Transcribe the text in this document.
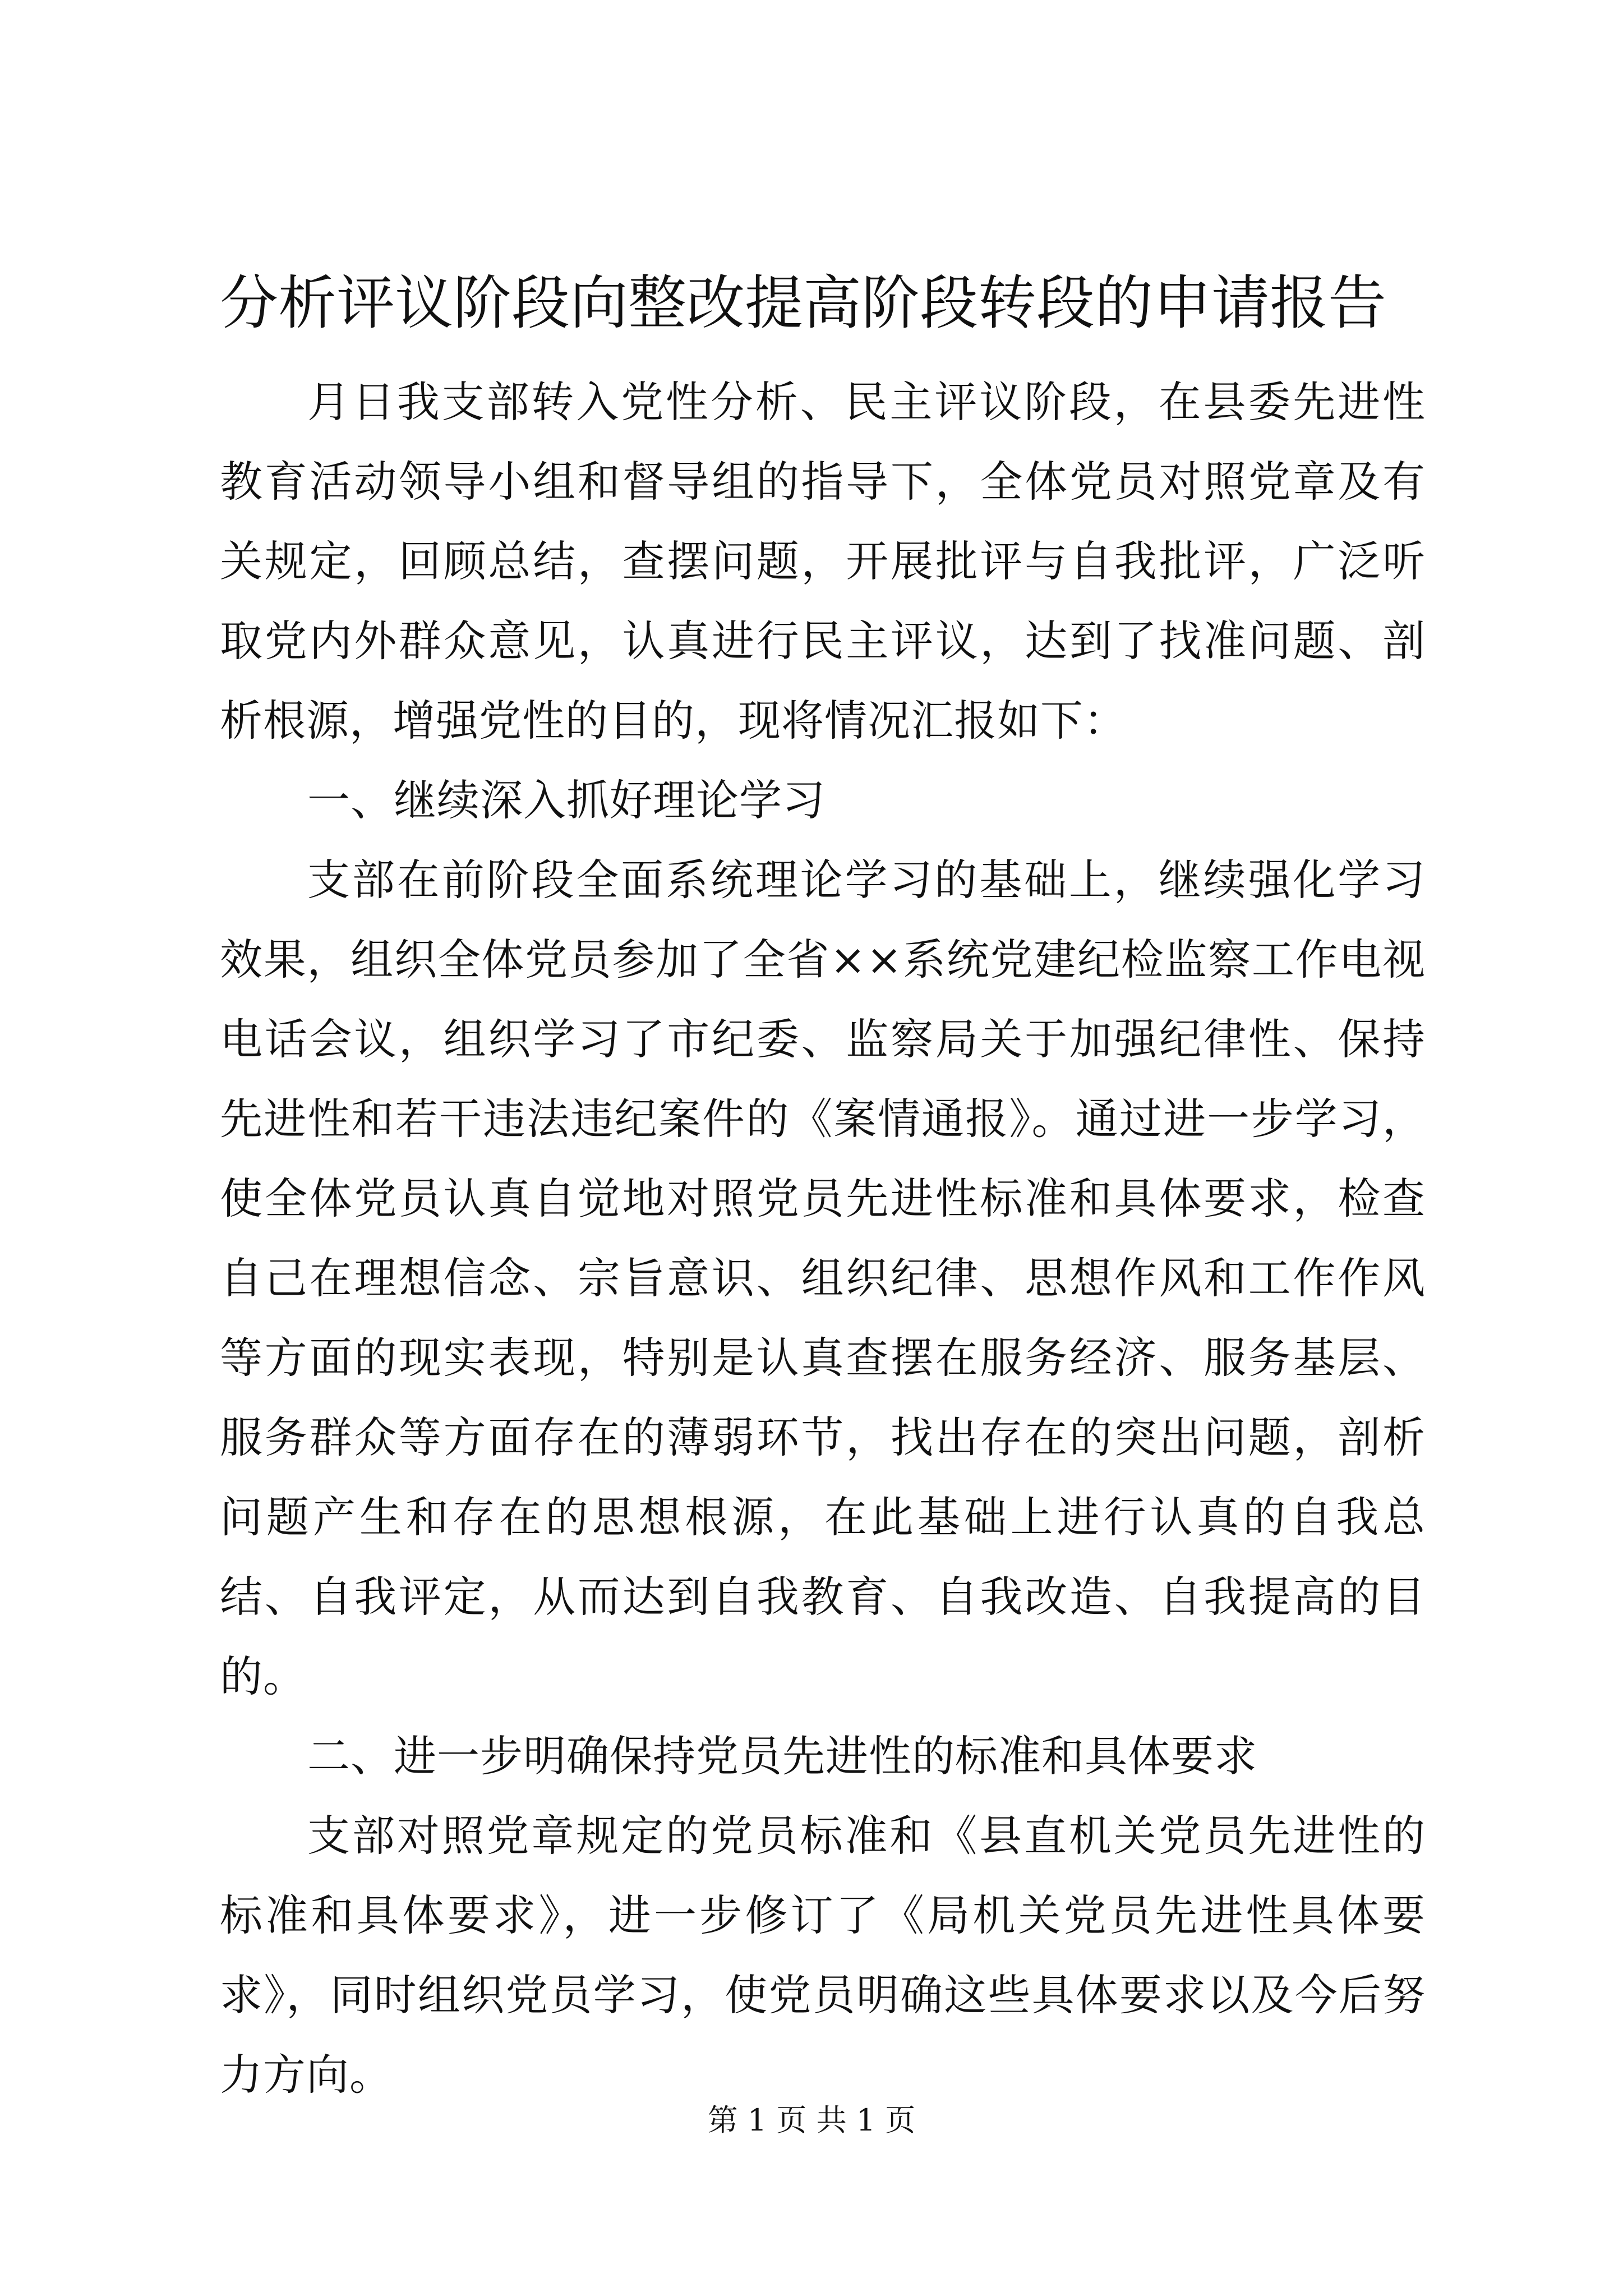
分析评议阶段向整改提高阶段转段的申请报告

月日我支部转入党性分析、民主评议阶段，在县委先进性教育活动领导小组和督导组的指导下，全体党员对照党章及有关规定，回顾总结，查摆问题，开展批评与自我批评，广泛听取党内外群众意见，认真进行民主评议，达到了找准问题、剖析根源，增强党性的目的，现将情况汇报如下：

一、继续深入抓好理论学习

支部在前阶段全面系统理论学习的基础上，继续强化学习效果，组织全体党员参加了全省××系统党建纪检监察工作电视电话会议，组织学习了市纪委、监察局关于加强纪律性、保持先进性和若干违法违纪案件的《案情通报》。通过进一步学习，使全体党员认真自觉地对照党员先进性标准和具体要求，检查自己在理想信念、宗旨意识、组织纪律、思想作风和工作作风等方面的现实表现，特别是认真查摆在服务经济、服务基层、服务群众等方面存在的薄弱环节，找出存在的突出问题，剖析问题产生和存在的思想根源，在此基础上进行认真的自我总结、自我评定，从而达到自我教育、自我改造、自我提高的目的。

二、进一步明确保持党员先进性的标准和具体要求

支部对照党章规定的党员标准和《县直机关党员先进性的标准和具体要求》，进一步修订了《局机关党员先进性具体要求》，同时组织党员学习，使党员明确这些具体要求以及今后努力方向。

第 1 页 共 1 页
